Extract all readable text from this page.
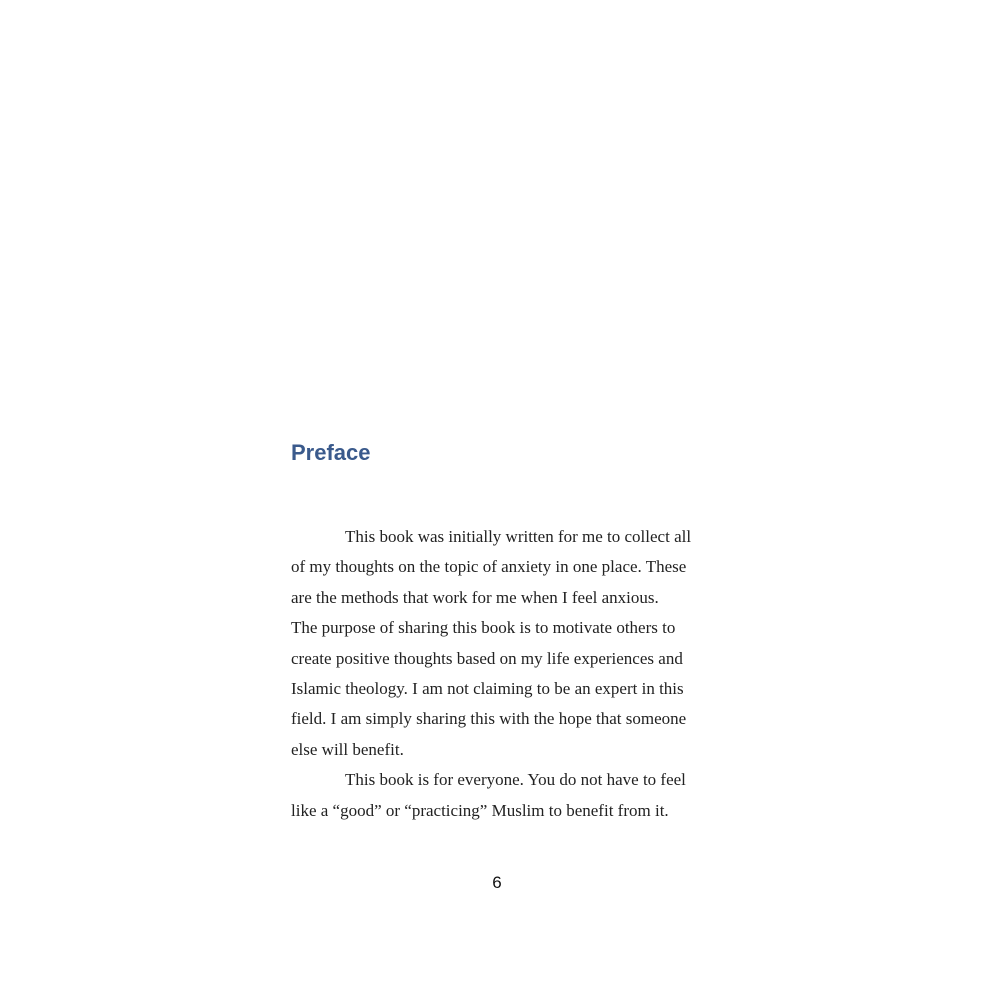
Preface
This book was initially written for me to collect all
of my thoughts on the topic of anxiety in one place. These
are the methods that work for me when I feel anxious.
The purpose of sharing this book is to motivate others to
create positive thoughts based on my life experiences and
Islamic theology. I am not claiming to be an expert in this
field. I am simply sharing this with the hope that someone
else will benefit.
This book is for everyone. You do not have to feel
like a “good” or “practicing” Muslim to benefit from it.
6
